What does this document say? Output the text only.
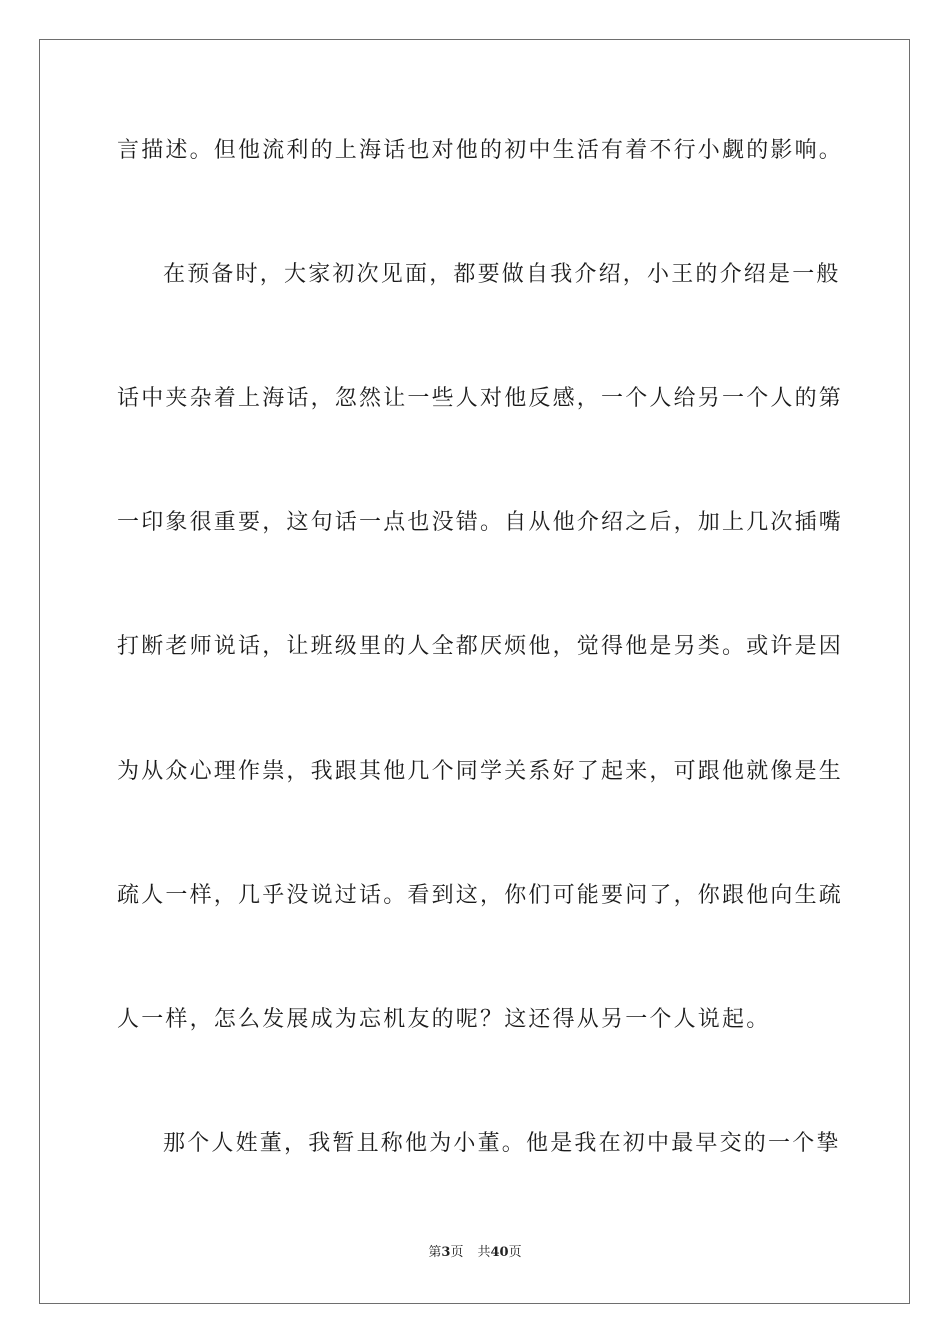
言描述。但他流利的上海话也对他的初中生活有着不行小觑的影响。
在预备时，大家初次见面，都要做自我介绍，小王的介绍是一般
话中夹杂着上海话，忽然让一些人对他反感，一个人给另一个人的第
一印象很重要，这句话一点也没错。自从他介绍之后，加上几次插嘴
打断老师说话，让班级里的人全都厌烦他，觉得他是另类。或许是因
为从众心理作祟，我跟其他几个同学关系好了起来，可跟他就像是生
疏人一样，几乎没说过话。看到这，你们可能要问了，你跟他向生疏
人一样，怎么发展成为忘机友的呢？这还得从另一个人说起。
那个人姓董，我暂且称他为小董。他是我在初中最早交的一个挚
第3页 共40页
